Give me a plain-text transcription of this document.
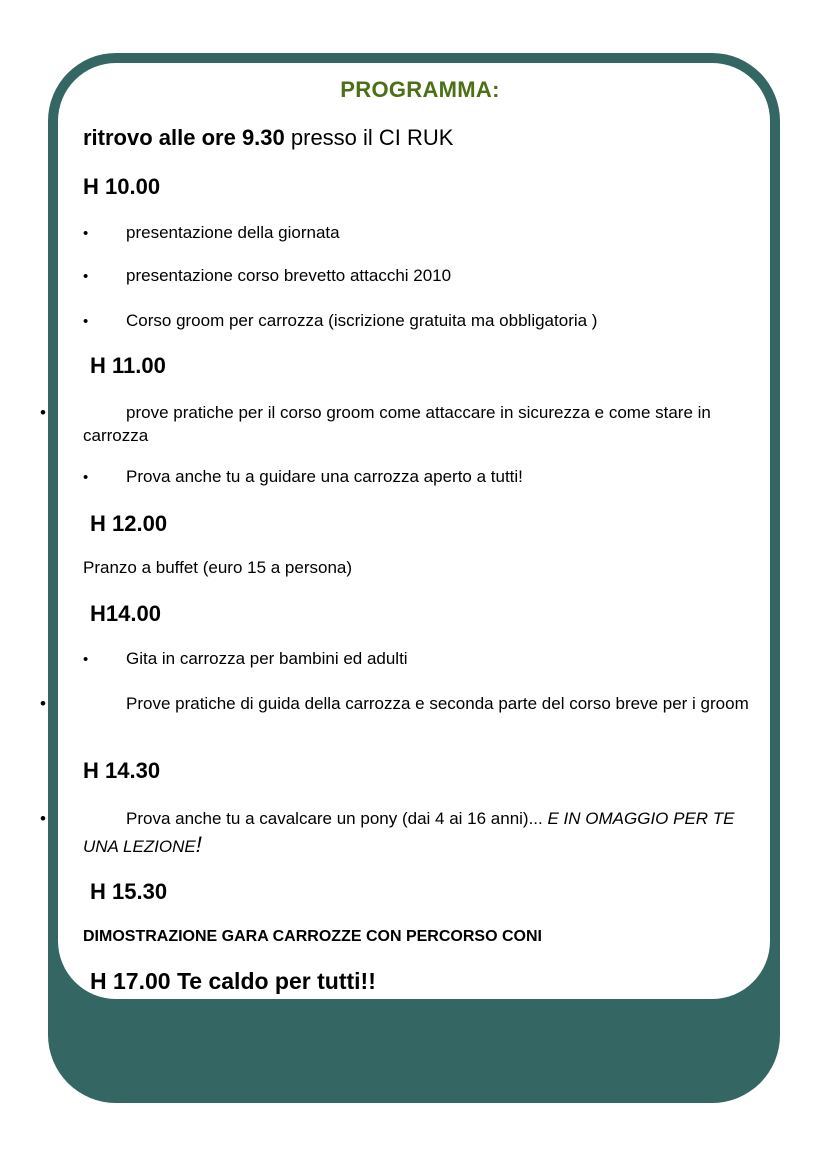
PROGRAMMA:
ritrovo alle ore 9.30 presso il CI RUK
H 10.00
• presentazione della giornata
• presentazione corso brevetto attacchi 2010
• Corso groom per carrozza (iscrizione gratuita ma obbligatoria )
H 11.00
•	prove pratiche per il corso groom come attaccare in sicurezza e come stare in carrozza
• Prova anche tu a guidare una carrozza aperto a tutti!
H 12.00
Pranzo a buffet (euro 15 a persona)
H14.00
• Gita in carrozza per bambini ed adulti
•	Prove pratiche di guida della carrozza e seconda parte del corso breve per i groom
H 14.30
•	Prova anche tu a cavalcare un pony (dai 4 ai 16 anni)... E IN OMAGGIO PER TE UNA LEZIONE!
H 15.30
DIMOSTRAZIONE GARA CARROZZE CON PERCORSO CONI
H 17.00 Te caldo per tutti!!
